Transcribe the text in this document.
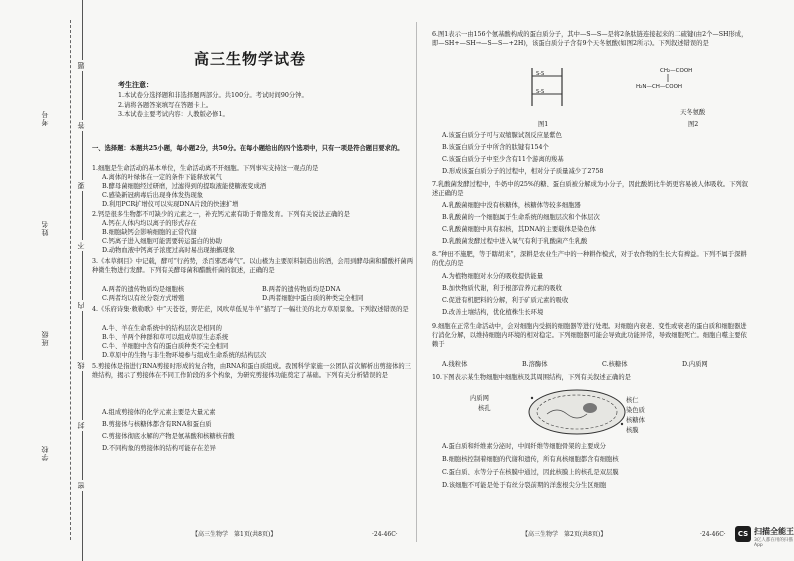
考号
姓名
班级
学校
题
答
要
不
内
线
封
密
高三生物学试卷
考生注意：
1.本试卷分选择题和非选择题两部分。共100分。考试时间90分钟。
2.请将各题答案填写在答题卡上。
3.本试卷主要考试内容：人教版必修1。
一、选择题：本题共25小题，每小题2分，共50分。在每小题给出的四个选项中，只有一项是符合题目要求的。
1.细胞是生命活动的基本单位，生命活动离不开细胞。下列事实支持这一观点的是
A.离体的叶绿体在一定的条件下能释放氧气
B.酵母菌细胞经过研磨，过滤得到的提取液能使糖液变成酒
C.感染新冠病毒后出现身体发热现象
D.利用PCR扩增仪可以实现DNA片段的快速扩增
2.钙是很多生物都不可缺少的元素之一，补充钙元素有助于骨骼发育。下列有关说法正确的是
A.钙在人体内均以离子的形式存在
B.细胞缺钙会影响细胞的正常代谢
C.钙离子进入细胞可能需要转运蛋白的协助
D.动物血液中钙离子浓度过高时易出现抽搐现象
3.《本草纲目》中记载，酵可“行药势，杀百邪恶毒气”。以山楂为主要原料制造出的酒，会用到酵母菌和醋酸杆菌两种微生物进行发酵。下列有关酵母菌和醋酸杆菌的叙述，正确的是
A.两者的遗传物质均是细胞核	B.两者的遗传物质均是DNA
C.两者均以有丝分裂方式增殖	D.两者细胞中蛋白质的种类完全相同
4.《乐府诗集·敕勒歌》中“天苍苍，野茫茫，风吹草低见牛羊”描写了一幅壮美的北方草原景象。下列叙述错误的是
A.牛、羊在生命系统中的结构层次是相同的
B.牛、羊两个种群和草可以组成草原生态系统
C.牛、羊细胞中含有的蛋白质种类不完全相同
D.草原中的生物与非生物环境参与组成生命系统的结构层次
5.剪接体是指进行RNA剪接时形成的复合物，由RNA和蛋白质组成。我国科学家施一公团队首次解析出剪接体的三维结构，揭示了剪接体在不同工作阶段的多个构象，为研究剪接体功能奠定了基础。下列有关分析错误的是
A.组成剪接体的化学元素主要是大量元素
B.剪接体与核糖体都含有RNA和蛋白质
C.剪接体彻底水解的产物是氨基酸和核糖核苷酸
D.不同构象的剪接体的结构可能存在差异
【高三生物学　第1页(共8页)】	·24-46C·
6.图1表示一由156个氨基酸构成的蛋白质分子，其中—S—S—是将2条肽链连接起来的二硫键(由2个—SH形成，即—SH+—SH→—S—S—+2H)，该蛋白质分子含有9个天冬氨酸(如图2所示)。下列叙述错误的是
S-S
S-S
图1
CH₂—COOH
H₂N—CH—COOH
天冬氨酸
图2
A.该蛋白质分子可与双缩脲试剂反应显紫色
B.该蛋白质分子中所含的肽键有154个
C.该蛋白质分子中至少含有11个游离的羧基
D.形成该蛋白质分子的过程中，相对分子质量减少了2758
7.乳酸菌发酵过程中，牛奶中的25%的糖、蛋白质被分解成为小分子，因此酸奶比牛奶更容易被人体吸收。下列叙述正确的是
A.乳酸菌细胞中没有核糖体，核糖体等较多细胞器
B.乳酸菌的一个细胞属于生命系统的细胞层次和个体层次
C.乳酸菌细胞中具有拟核，其DNA的主要载体是染色体
D.乳酸菌发酵过程中进入氧气有利于乳酸菌产生乳酸
8.“种田不施肥，等于瞎胡来”，深耕是农业生产中的一种耕作模式，对于农作物的生长大有裨益。下列不属于深耕的优点的是
A.为植物细胞对水分的吸收提供能量
B.加快物质代谢，利于根部营养元素的吸收
C.促进有机肥料的分解，利于矿质元素的吸收
D.改善土壤结构，优化植株生长环境
9.细胞在正常生命活动中，会对细胞内受损的细胞器等进行处理。对细胞内衰老、变性或衰老的蛋白质和细胞器进行消化分解，以维持细胞内环境的相对稳定。下列细胞器可能会导致此功能异常，导致细胞死亡。细胞自噬主要依赖于
A.线粒体	B.溶酶体	C.核糖体	D.内质网
10.下图表示某生物细胞中细胞核及其周围结构，下列有关叙述正确的是
内质网
核孔
核仁
染色质
核糖体
核膜
A.蛋白质和纤维素分泌时，中间纤维等细胞骨架的主要成分
B.细胞核控制着细胞的代谢和遗传，所有真核细胞都含有细胞核
C.蛋白质、水等分子在核膜中通过，因此核膜上的核孔是双层膜
D.该细胞不可能是处于有丝分裂前期的洋葱根尖分生区细胞
【高三生物学　第2页(共8页)】	·24-46C·	CS 扫描全能王
3亿人都在用的扫描App
